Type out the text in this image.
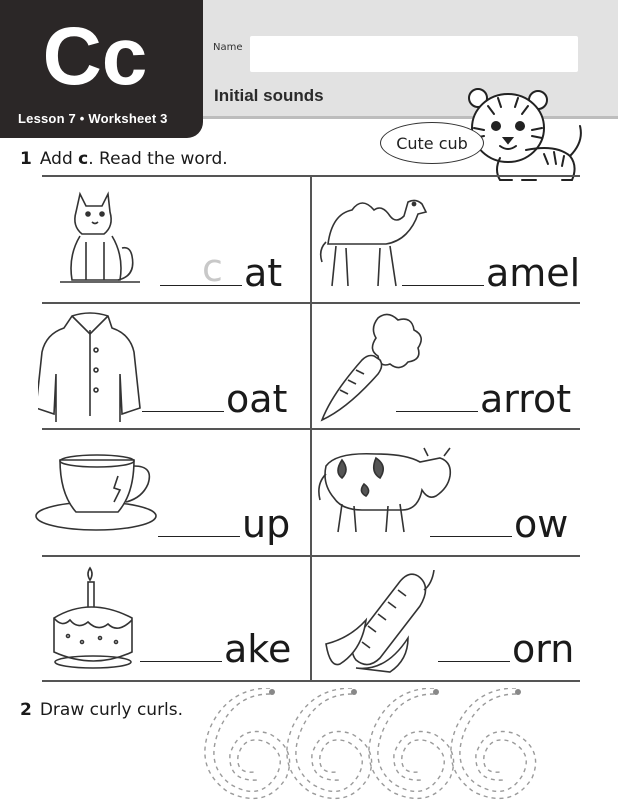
Cc
Lesson 7 • Worksheet 3
Name
Initial sounds
Cute cub
1 Add c. Read the word.
c at	amel
oat	arrot
up	ow
ake	orn
2 Draw curly curls.
